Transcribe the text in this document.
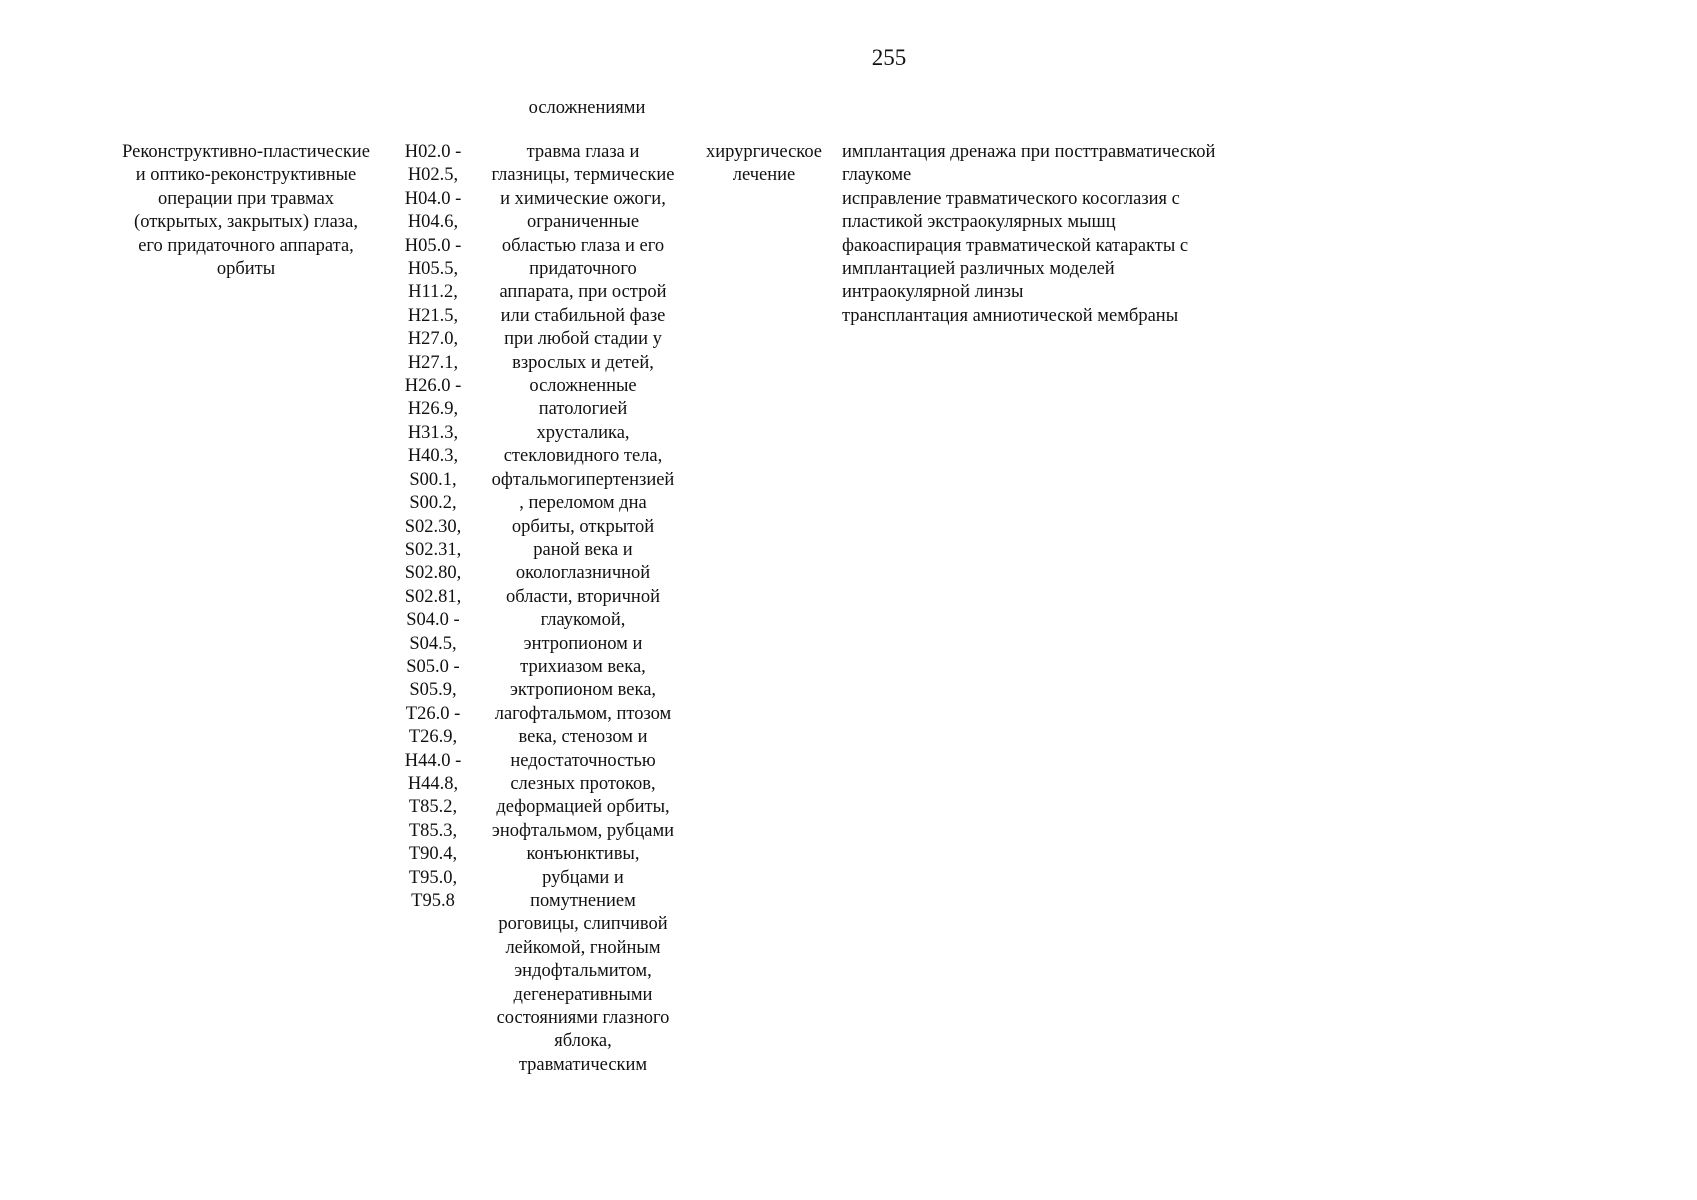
255
осложнениями
Реконструктивно-пластические
и оптико-реконструктивные
операции при травмах
(открытых, закрытых) глаза,
его придаточного аппарата,
орбиты
H02.0 -
H02.5,
H04.0 -
H04.6,
H05.0 -
H05.5,
H11.2,
H21.5,
H27.0,
H27.1,
H26.0 -
H26.9,
H31.3,
H40.3,
S00.1,
S00.2,
S02.30,
S02.31,
S02.80,
S02.81,
S04.0 -
S04.5,
S05.0 -
S05.9,
T26.0 -
T26.9,
H44.0 -
H44.8,
T85.2,
T85.3,
T90.4,
T95.0,
T95.8
травма глаза и
глазницы, термические
и химические ожоги,
ограниченные
областью глаза и его
придаточного
аппарата, при острой
или стабильной фазе
при любой стадии у
взрослых и детей,
осложненные
патологией
хрусталика,
стекловидного тела,
офтальмогипертензией
, переломом дна
орбиты, открытой
раной века и
окологлазничной
области, вторичной
глаукомой,
энтропионом и
трихиазом века,
эктропионом века,
лагофтальмом, птозом
века, стенозом и
недостаточностью
слезных протоков,
деформацией орбиты,
энофтальмом, рубцами
конъюнктивы,
рубцами и
помутнением
роговицы, слипчивой
лейкомой, гнойным
эндофтальмитом,
дегенеративными
состояниями глазного
яблока,
травматическим
хирургическое
лечение
имплантация дренажа при посттравматической
глаукоме
исправление травматического косоглазия с
пластикой экстраокулярных мышц
факоаспирация травматической катаракты с
имплантацией различных моделей
интраокулярной линзы
трансплантация амниотической мембраны
